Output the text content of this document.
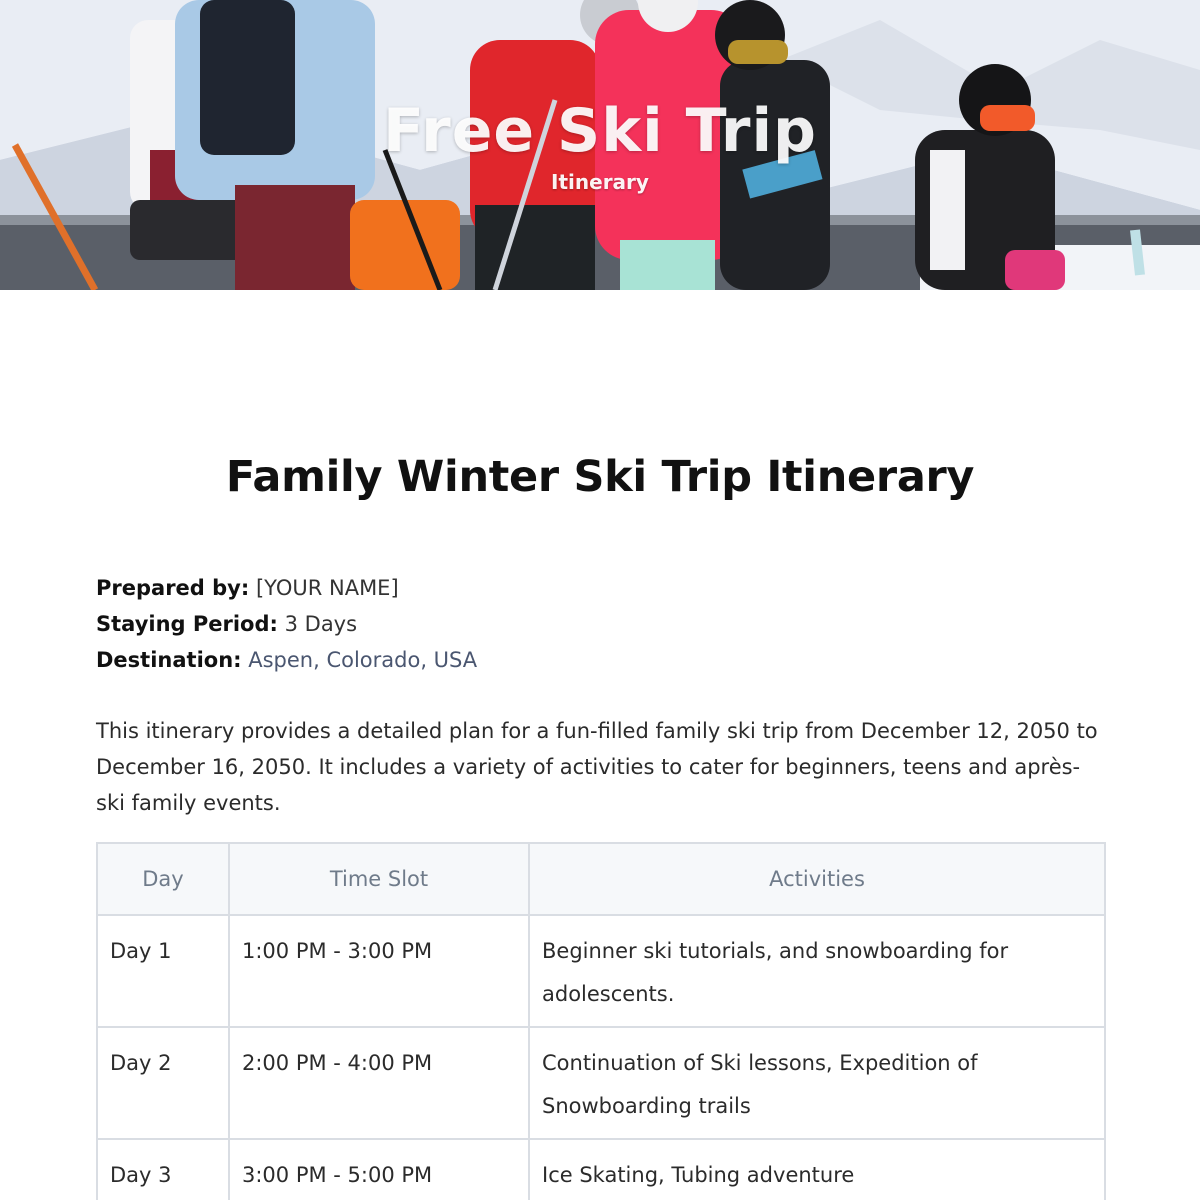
Free Ski Trip
Itinerary
Family Winter Ski Trip Itinerary
Prepared by: [YOUR NAME]
Staying Period: 3 Days
Destination: Aspen, Colorado, USA
This itinerary provides a detailed plan for a fun-filled family ski trip from December 12, 2050 to December 16, 2050. It includes a variety of activities to cater for beginners, teens and après-ski family events.
Day	Time Slot	Activities
Day 1	1:00 PM - 3:00 PM	Beginner ski tutorials, and snowboarding for adolescents.
Day 2	2:00 PM - 4:00 PM	Continuation of Ski lessons, Expedition of Snowboarding trails
Day 3	3:00 PM - 5:00 PM	Ice Skating, Tubing adventure
